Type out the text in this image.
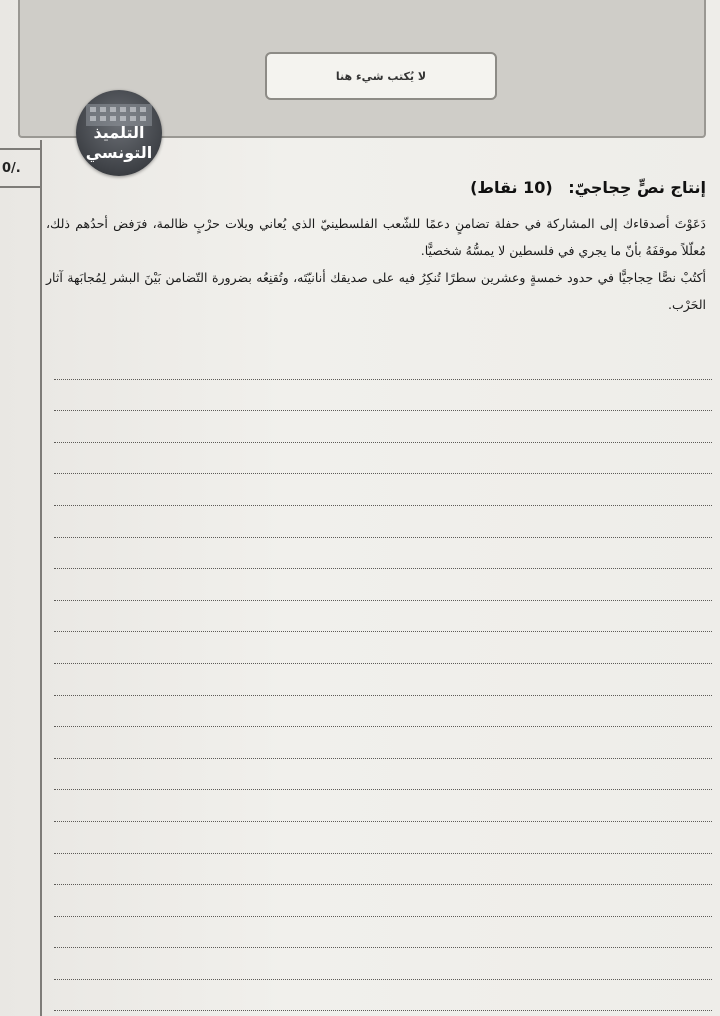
لا يُكتب شيء هنا
التلميذ
التونسي
0/.
إنتاج نصٍّ حِجاجيّ: (10 نقاط)
دَعَوْتَ أصدقاءك إلى المشاركة في حفلة تضامنٍ دعمًا للشّعب الفلسطينيّ الذي يُعاني ويلات حرْبٍ ظالمة، فرَفض أحدُهم ذلك، مُعلّلاً موقفَهُ بأنّ ما يجري في فلسطين لا يمسُّهُ شخصيًّا.
أكتُبْ نصًّا حِجاجيًّا في حدود خمسةٍ وعشرين سطرًا تُنكِرُ فيه على صديقك أنانيّتَه، وتُقنِعُه بضرورة التّضامن بَيْنَ البشر لِمُجابَهة آثار الحَرْب.
